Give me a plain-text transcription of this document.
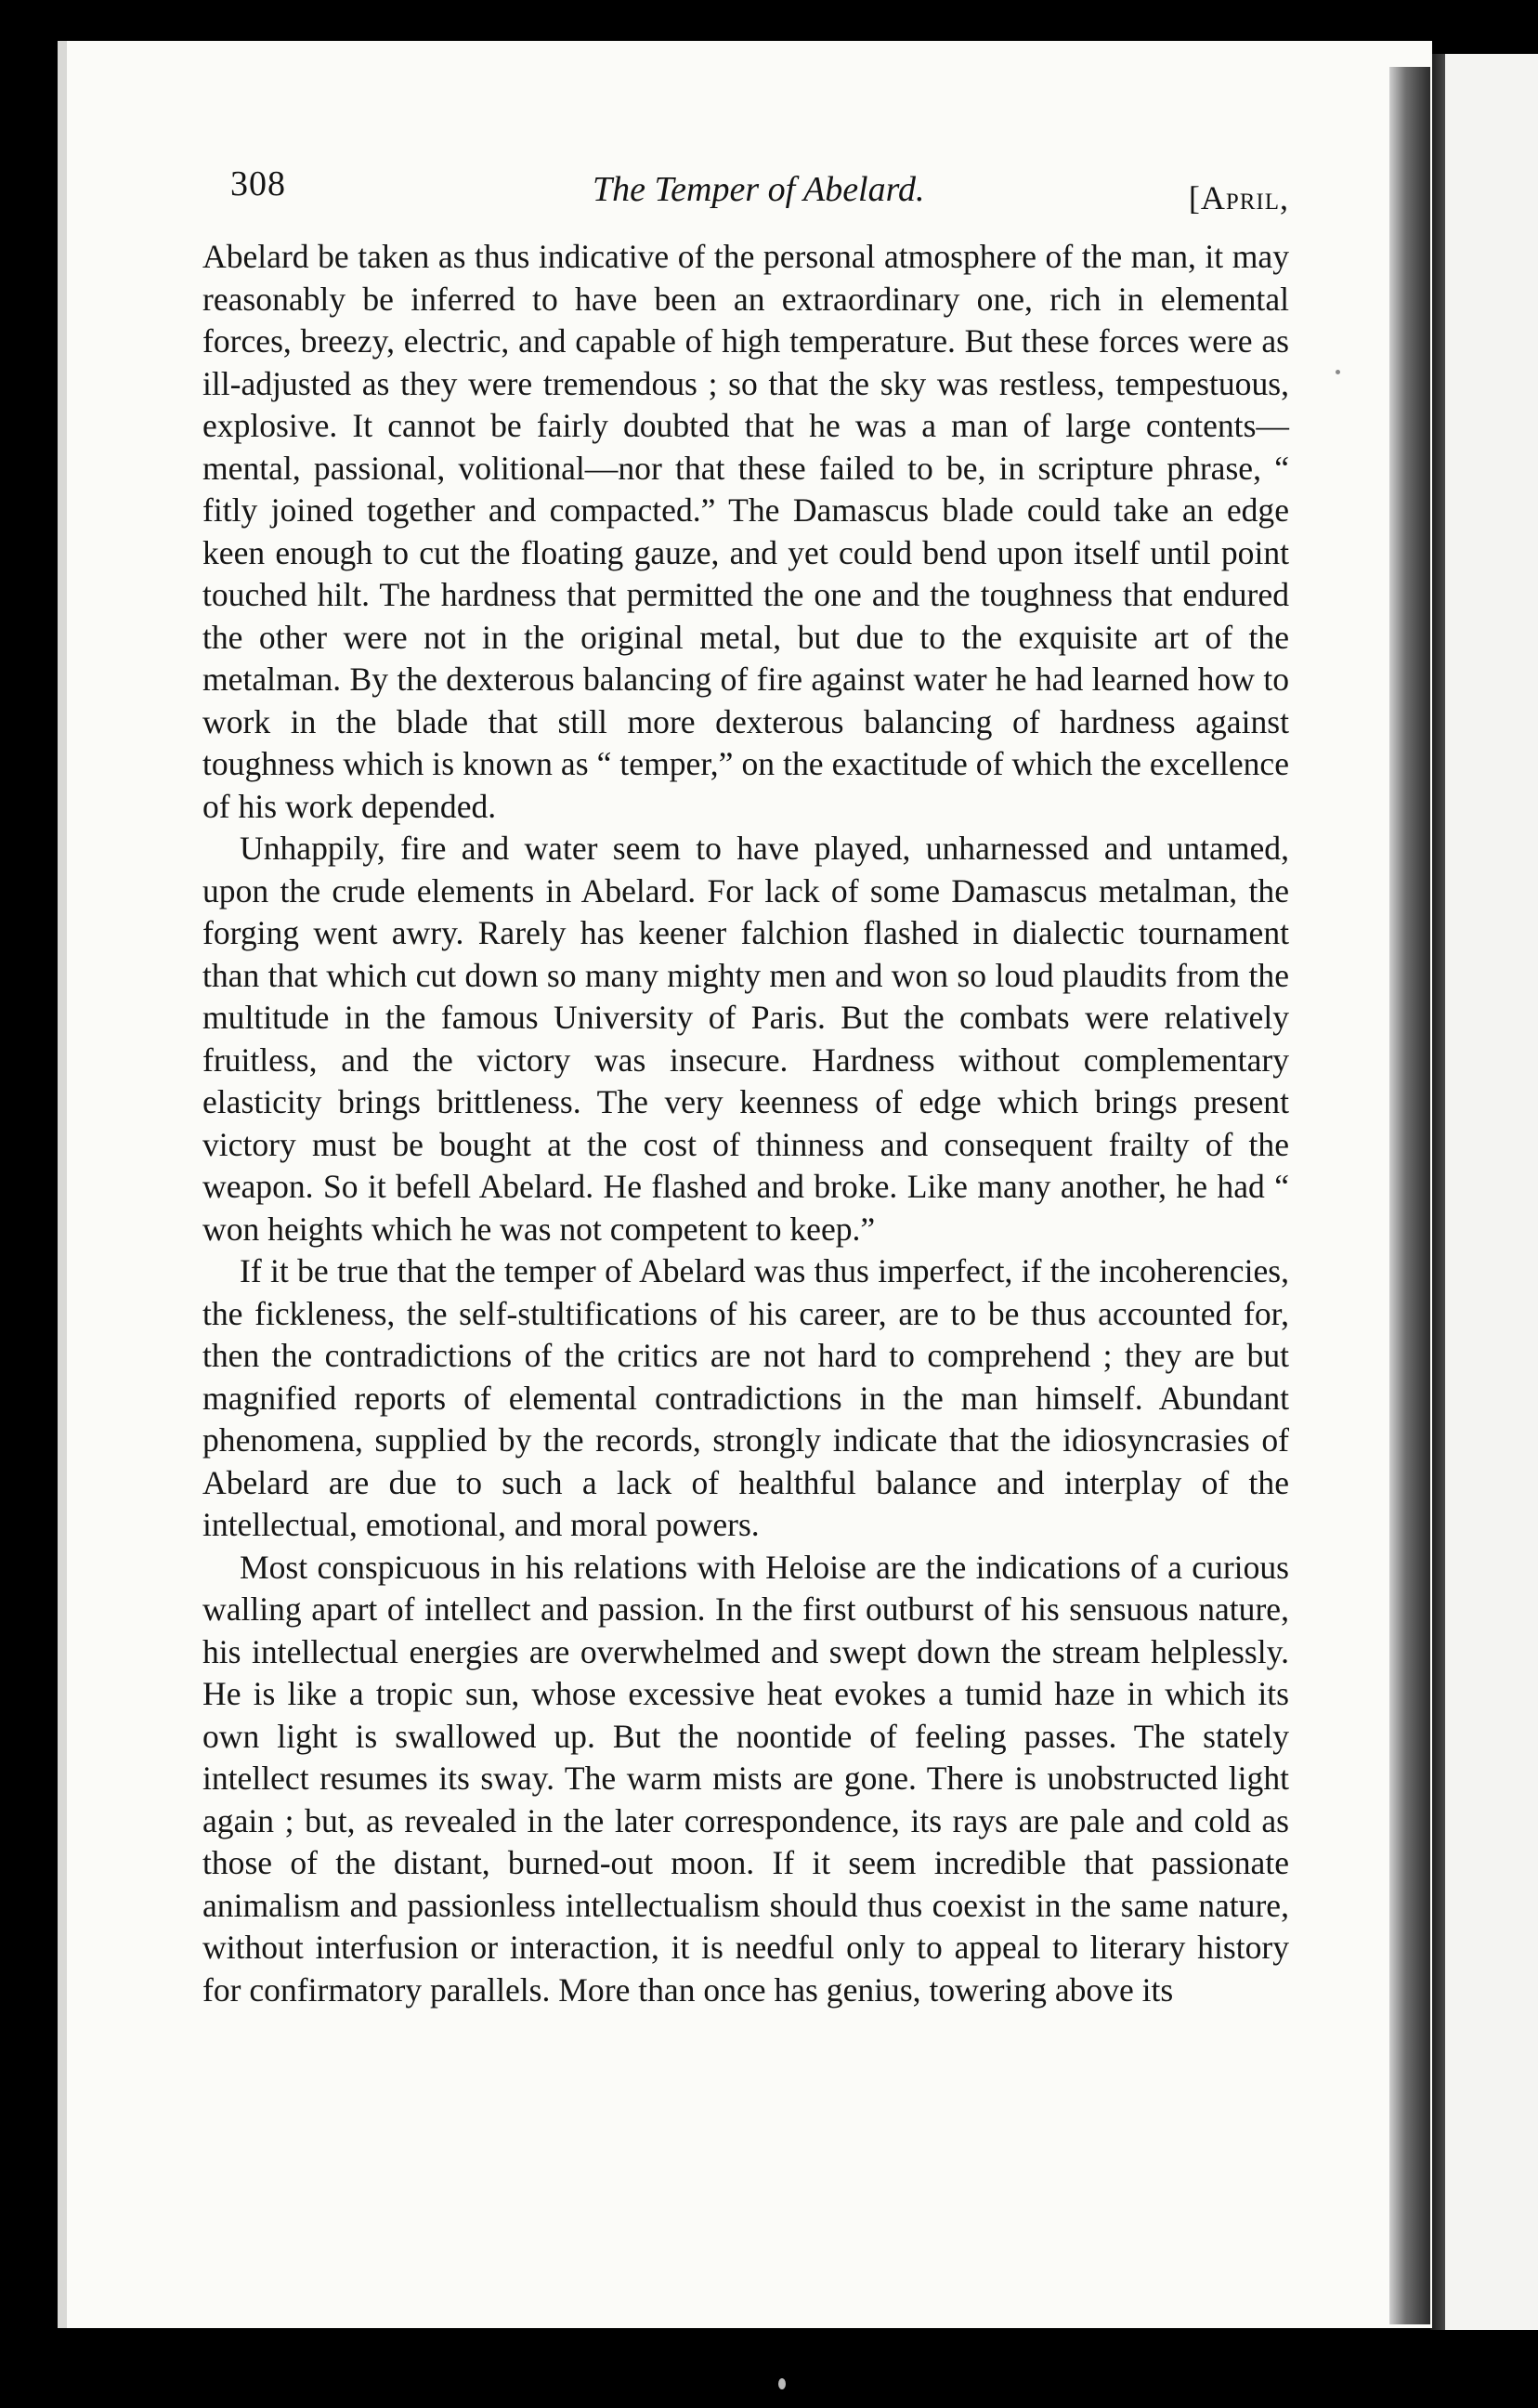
308	The Temper of Abelard.	[April,

Abelard be taken as thus indicative of the personal atmosphere of the man, it may reasonably be inferred to have been an extraordinary one, rich in elemental forces, breezy, electric, and capable of high temperature. But these forces were as ill-adjusted as they were tremendous ; so that the sky was restless, tempestuous, explosive. It cannot be fairly doubted that he was a man of large contents—mental, passional, volitional—nor that these failed to be, in scripture phrase, “ fitly joined together and compacted.” The Damascus blade could take an edge keen enough to cut the floating gauze, and yet could bend upon itself until point touched hilt. The hardness that permitted the one and the toughness that endured the other were not in the original metal, but due to the exquisite art of the metalman. By the dexterous balancing of fire against water he had learned how to work in the blade that still more dexterous balancing of hardness against toughness which is known as “ temper,” on the exactitude of which the excellence of his work depended.

Unhappily, fire and water seem to have played, unharnessed and untamed, upon the crude elements in Abelard. For lack of some Damascus metalman, the forging went awry. Rarely has keener falchion flashed in dialectic tournament than that which cut down so many mighty men and won so loud plaudits from the multitude in the famous University of Paris. But the combats were relatively fruitless, and the victory was insecure. Hardness without complementary elasticity brings brittleness. The very keenness of edge which brings present victory must be bought at the cost of thinness and consequent frailty of the weapon. So it befell Abelard. He flashed and broke. Like many another, he had “ won heights which he was not competent to keep.”

If it be true that the temper of Abelard was thus imperfect, if the incoherencies, the fickleness, the self-stultifications of his career, are to be thus accounted for, then the contradictions of the critics are not hard to comprehend ; they are but magnified reports of elemental contradictions in the man himself. Abundant phenomena, supplied by the records, strongly indicate that the idiosyncrasies of Abelard are due to such a lack of healthful balance and interplay of the intellectual, emotional, and moral powers.

Most conspicuous in his relations with Heloise are the indications of a curious walling apart of intellect and passion. In the first outburst of his sensuous nature, his intellectual energies are overwhelmed and swept down the stream helplessly. He is like a tropic sun, whose excessive heat evokes a tumid haze in which its own light is swallowed up. But the noontide of feeling passes. The stately intellect resumes its sway. The warm mists are gone. There is unobstructed light again ; but, as revealed in the later correspondence, its rays are pale and cold as those of the distant, burned-out moon. If it seem incredible that passionate animalism and passionless intellectualism should thus coexist in the same nature, without interfusion or interaction, it is needful only to appeal to literary history for confirmatory parallels. More than once has genius, towering above its
